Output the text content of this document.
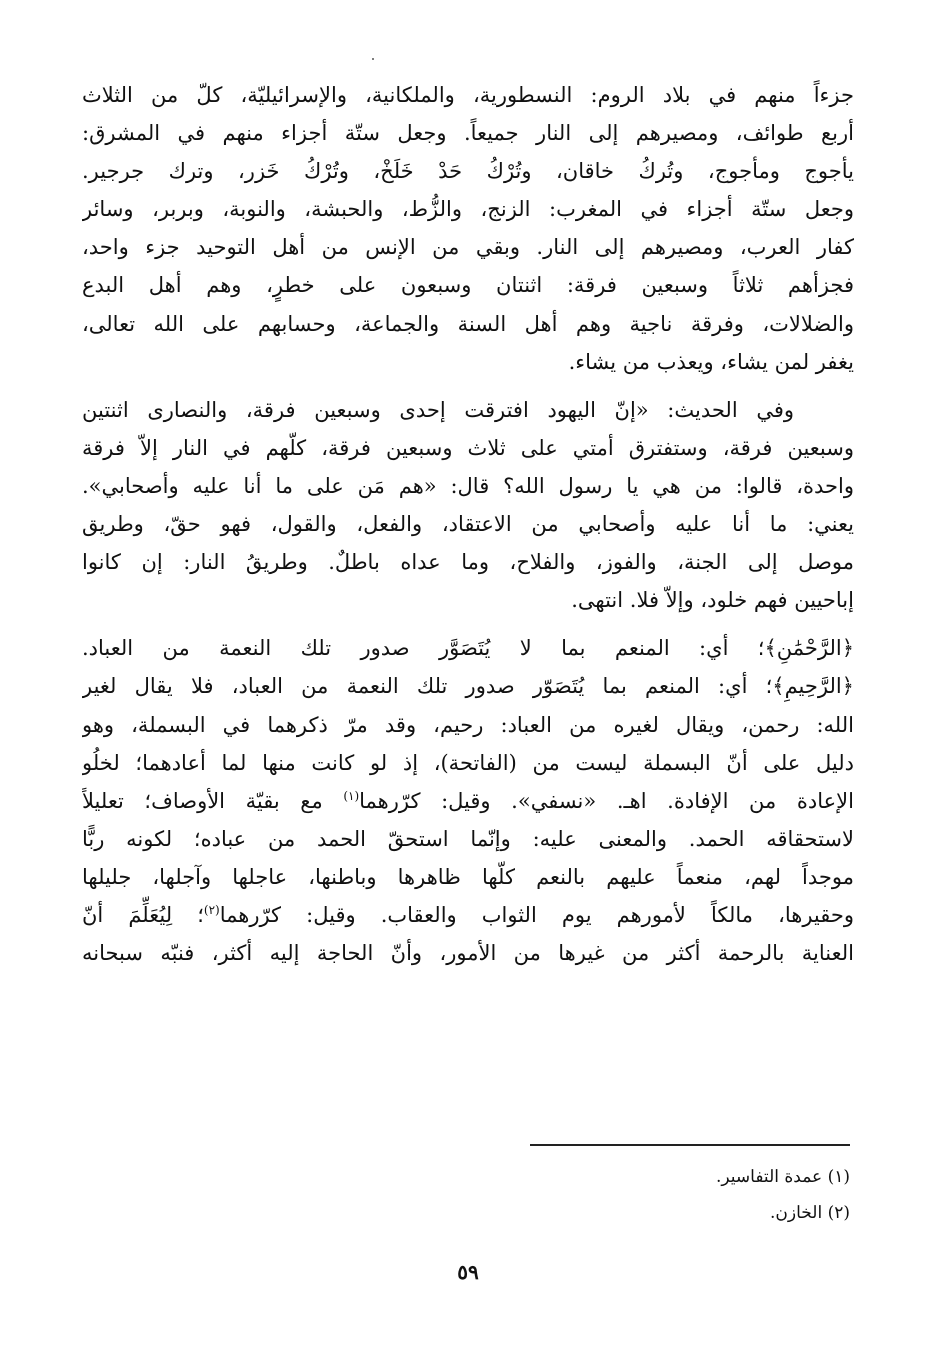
جزءاً منهم في بلاد الروم: النسطورية، والملكانية، والإسرائيليّة، كلّ من الثلاث
أربع طوائف، ومصيرهم إلى النار جميعاً. وجعل ستّة أجزاء منهم في المشرق:
يأجوج ومأجوج، وتُركُ خاقان، وتُرْكُ حَدْ خَلَخْ، وتُرْكُ خَزر، وترك جرجير.
وجعل ستّة أجزاء في المغرب: الزنج، والزُّط، والحبشة، والنوبة، وبربر، وسائر
كفار العرب، ومصيرهم إلى النار. وبقي من الإنس من أهل التوحيد جزء واحد،
فجزأهم ثلاثاً وسبعين فرقة: اثنتان وسبعون على خطرٍ، وهم أهل البدع
والضلالات، وفرقة ناجية وهم أهل السنة والجماعة، وحسابهم على الله تعالى،
يغفر لمن يشاء، ويعذب من يشاء.
وفي الحديث: «إنّ اليهود افترقت إحدى وسبعين فرقة، والنصارى اثنتين
وسبعين فرقة، وستفترق أمتي على ثلاث وسبعين فرقة، كلّهم في النار إلاّ فرقة
واحدة، قالوا: من هي يا رسول الله؟ قال: «هم مَن على ما أنا عليه وأصحابي».
يعني: ما أنا عليه وأصحابي من الاعتقاد، والفعل، والقول، فهو حقّ، وطريق
موصل إلى الجنة، والفوز، والفلاح، وما عداه باطلٌ. وطريقُ النار: إن كانوا
إباحيين فهم خلود، وإلاّ فلا. انتهى.
﴿الرَّحْمَٰنِ﴾؛ أي: المنعم بما لا يُتَصَوَّر صدور تلك النعمة من العباد.
﴿الرَّحِيمِ﴾؛ أي: المنعم بما يُتَصَوّر صدور تلك النعمة من العباد، فلا يقال لغير
الله: رحمن، ويقال لغيره من العباد: رحيم، وقد مرّ ذكرهما في البسملة، وهو
دليل على أنّ البسملة ليست من (الفاتحة)، إذ لو كانت منها لما أعادهما؛ لخلُو
الإعادة من الإفادة. اهـ. «نسفي». وقيل: كرّرهما$^{(١)}$ مع بقيّة الأوصاف؛ تعليلاً
لاستحقاقه الحمد. والمعنى عليه: وإنّما استحقّ الحمد من عباده؛ لكونه ربًّا
موجداً لهم، منعماً عليهم بالنعم كلّها ظاهرها وباطنها، عاجلها وآجلها، جليلها
وحقيرها، مالكاً لأمورهم يوم الثواب والعقاب. وقيل: كرّرهما$^{(٢)}$؛ لِيُعَلِّمَ أنّ
العناية بالرحمة أكثر من غيرها من الأمور، وأنّ الحاجة إليه أكثر، فنبّه سبحانه
(١) عمدة التفاسير.
(٢) الخازن.
٥٩
